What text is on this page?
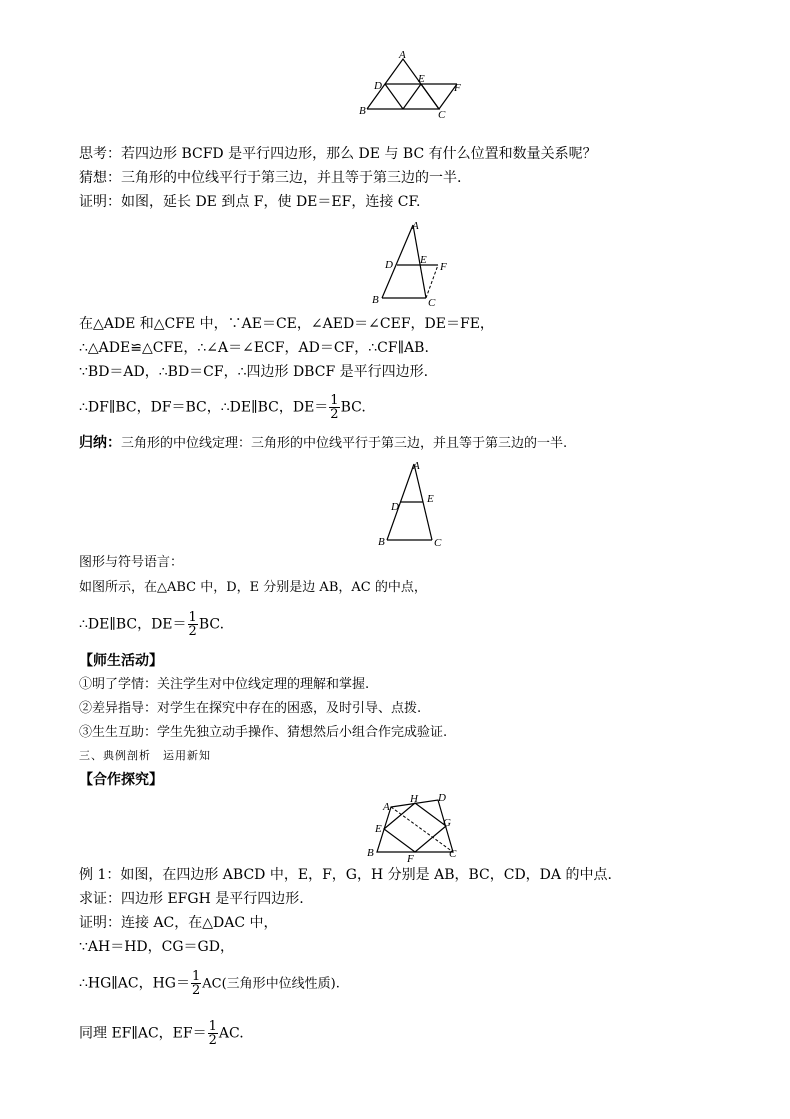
A
D
E
F
B	C
思考：若四边形 BCFD 是平行四边形，那么 DE 与 BC 有什么位置和数量关系呢？
猜想：三角形的中位线平行于第三边，并且等于第三边的一半.
证明：如图，延长 DE 到点 F，使 DE＝EF，连接 CF.
A
D E
F
B	C
在△ADE 和△CFE 中，∵AE＝CE，∠AED＝∠CEF，DE＝FE，
∴△ADE≌△CFE，∴∠A＝∠ECF，AD＝CF，∴CF∥AB.
∵BD＝AD，∴BD＝CF，∴四边形 DBCF 是平行四边形.
∴DF∥BC，DF＝BC，∴DE∥BC，$DE= \frac{1}{2}$ BC.
归纳：三角形的中位线定理：三角形的中位线平行于第三边，并且等于第三边的一半.
A
D
E
B	C
图形与符号语言：
如图所示，在△ABC 中，D，E 分别是边 AB，AC 的中点，
∴DE∥BC，$DE= \frac{1}{2}$ BC.
【师生活动】
①明了学情：关注学生对中位线定理的理解和掌握.
②差异指导：对学生在探究中存在的困惑，及时引导、点拨.
③生生互助：学生先独立动手操作、猜想然后小组合作完成验证.
三、典例剖析　运用新知
【合作探究】
A
H D
E	G
B	F	C
例 1：如图，在四边形 ABCD 中，E，F，G，H 分别是 AB，BC，CD，DA 的中点.
求证：四边形 EFGH 是平行四边形.
证明：连接 AC，在△DAC 中，
∵AH＝HD，CG＝GD，
∴HG∥AC，$HG= \frac{1}{2} AC$(三角形中位线性质).
同理 EF∥AC，$EF= \frac{1}{2}$ AC.
